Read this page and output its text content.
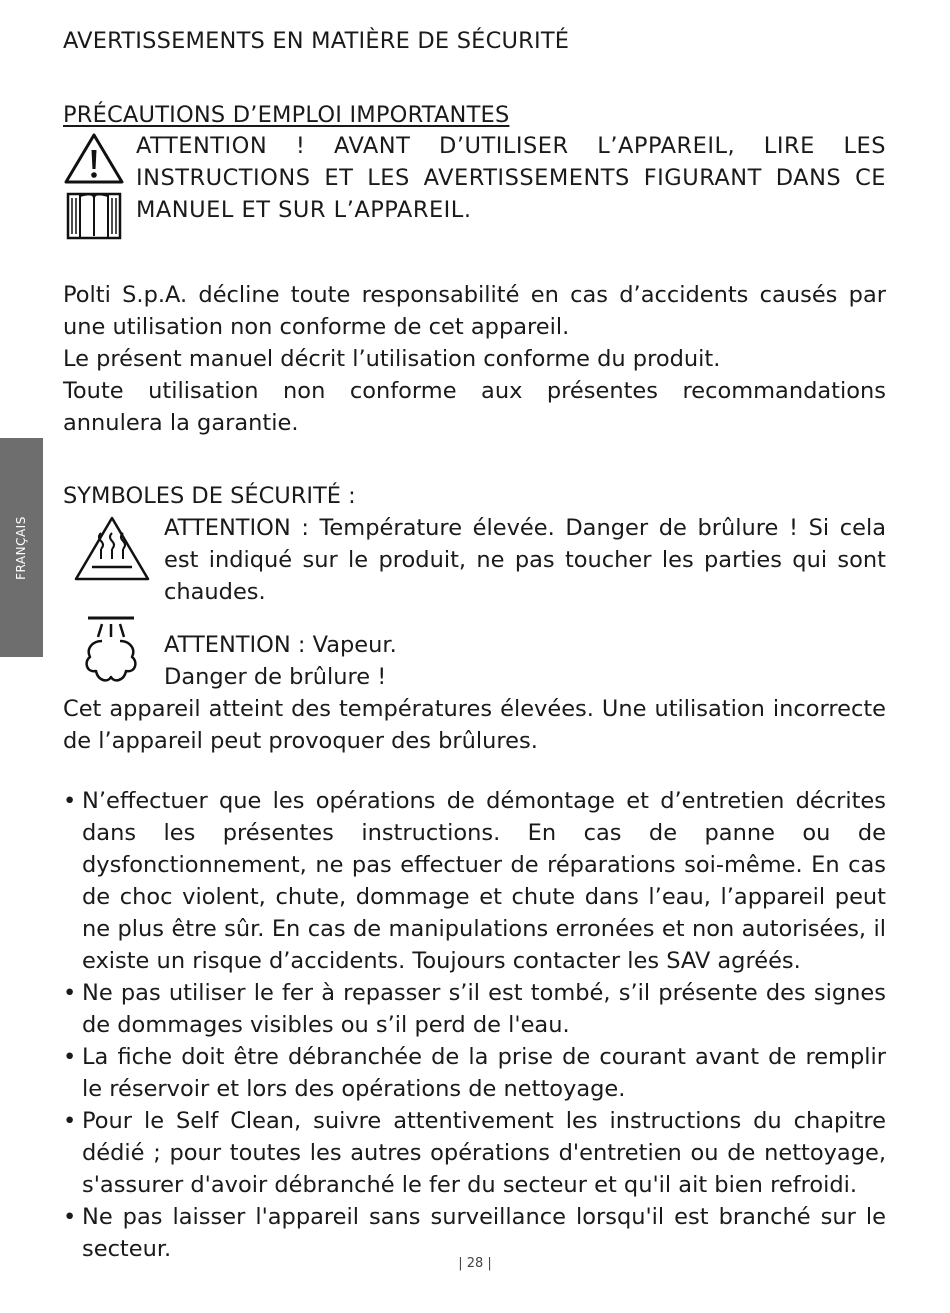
FRANÇAIS
AVERTISSEMENTS EN MATIÈRE DE SÉCURITÉ
PRÉCAUTIONS D’EMPLOI IMPORTANTES

ATTENTION ! AVANT D’UTILISER L’APPAREIL, LIRE LES INSTRUCTIONS ET LES AVERTISSEMENTS FIGURANT DANS CE MANUEL ET SUR L’APPAREIL.

Polti S.p.A. décline toute responsabilité en cas d’accidents causés par une utilisation non conforme de cet appareil.

Le présent manuel décrit l’utilisation conforme du produit.

Toute utilisation non conforme aux présentes recommandations annulera la garantie.

SYMBOLES DE SÉCURITÉ :

ATTENTION : Température élevée. Danger de brûlure ! Si cela est indiqué sur le produit, ne pas toucher les parties qui sont chaudes.

ATTENTION : Vapeur.

Danger de brûlure !

Cet appareil atteint des températures élevées. Une utilisation incorrecte de l’appareil peut provoquer des brûlures.

• N’effectuer que les opérations de démontage et d’entretien décrites dans les présentes instructions. En cas de panne ou de dysfonctionnement, ne pas effectuer de réparations soi-même. En cas de choc violent, chute, dommage et chute dans l’eau, l’appareil peut ne plus être sûr. En cas de manipulations erronées et non autorisées, il existe un risque d’accidents. Toujours contacter les SAV agréés.
• Ne pas utiliser le fer à repasser s’il est tombé, s’il présente des signes de dommages visibles ou s’il perd de l'eau.
• La fiche doit être débranchée de la prise de courant avant de remplir le réservoir et lors des opérations de nettoyage.
• Pour le Self Clean, suivre attentivement les instructions du chapitre dédié ; pour toutes les autres opérations d'entretien ou de nettoyage, s'assurer d'avoir débranché le fer du secteur et qu'il ait bien refroidi.
• Ne pas laisser l'appareil sans surveillance lorsqu'il est branché sur le secteur.
| 28 |
